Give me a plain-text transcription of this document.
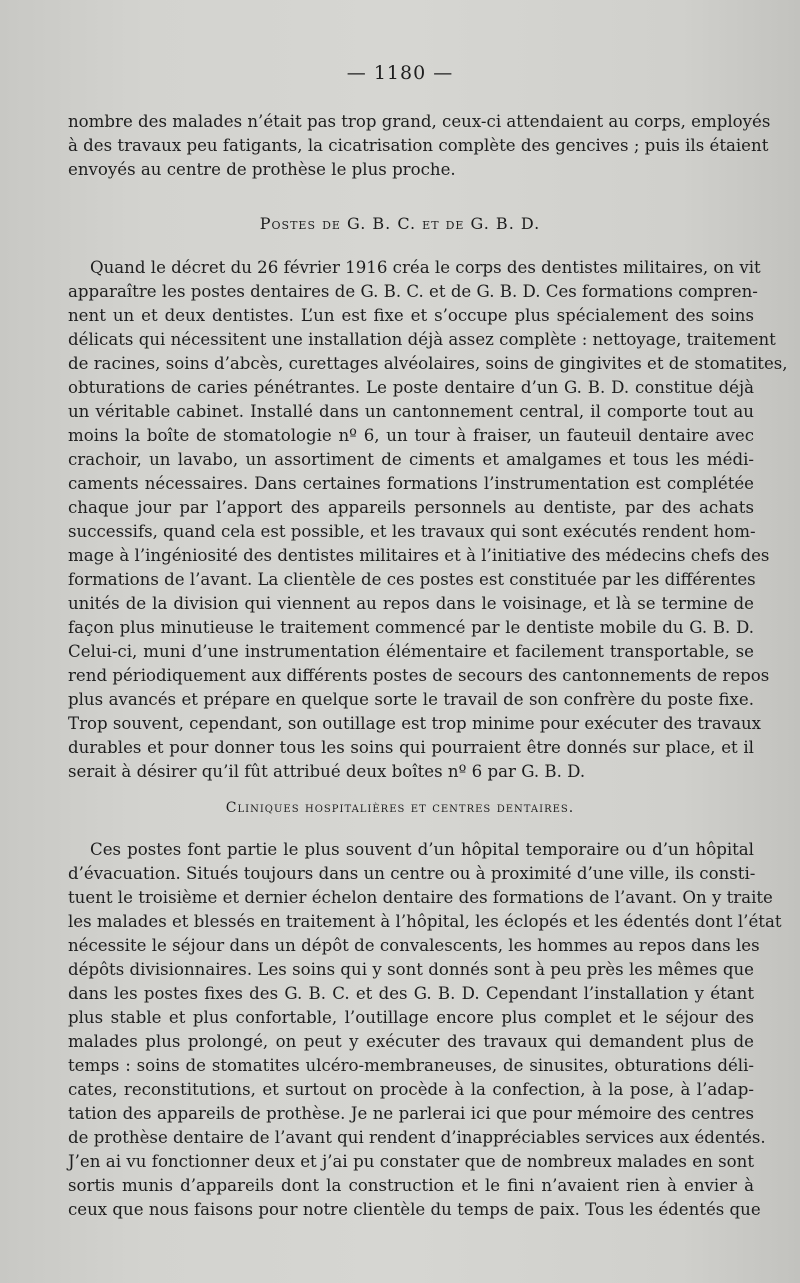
— 1180 —
nombre des malades n’était pas trop grand, ceux-ci attendaient au corps, employés
à des travaux peu fatigants, la cicatrisation complète des gencives ; puis ils étaient
envoyés au centre de prothèse le plus proche.
Postes de G. B. C. et de G. B. D.
Quand le décret du 26 février 1916 créa le corps des dentistes militaires, on vit
apparaître les postes dentaires de G. B. C. et de G. B. D. Ces formations compren-
nent un et deux dentistes. L’un est fixe et s’occupe plus spécialement des soins
délicats qui nécessitent une installation déjà assez complète : nettoyage, traitement
de racines, soins d’abcès, curettages alvéolaires, soins de gingivites et de stomatites,
obturations de caries pénétrantes. Le poste dentaire d’un G. B. D. constitue déjà
un véritable cabinet. Installé dans un cantonnement central, il comporte tout au
moins la boîte de stomatologie nº 6, un tour à fraiser, un fauteuil dentaire avec
crachoir, un lavabo, un assortiment de ciments et amalgames et tous les médi-
caments nécessaires. Dans certaines formations l’instrumentation est complétée
chaque jour par l’apport des appareils personnels au dentiste, par des achats
successifs, quand cela est possible, et les travaux qui sont exécutés rendent hom-
mage à l’ingéniosité des dentistes militaires et à l’initiative des médecins chefs des
formations de l’avant. La clientèle de ces postes est constituée par les différentes
unités de la division qui viennent au repos dans le voisinage, et là se termine de
façon plus minutieuse le traitement commencé par le dentiste mobile du G. B. D.
Celui-ci, muni d’une instrumentation élémentaire et facilement transportable, se
rend périodiquement aux différents postes de secours des cantonnements de repos
plus avancés et prépare en quelque sorte le travail de son confrère du poste fixe.
Trop souvent, cependant, son outillage est trop minime pour exécuter des travaux
durables et pour donner tous les soins qui pourraient être donnés sur place, et il
serait à désirer qu’il fût attribué deux boîtes nº 6 par G. B. D.
Cliniques hospitalières et centres dentaires.
Ces postes font partie le plus souvent d’un hôpital temporaire ou d’un hôpital
d’évacuation. Situés toujours dans un centre ou à proximité d’une ville, ils consti-
tuent le troisième et dernier échelon dentaire des formations de l’avant. On y traite
les malades et blessés en traitement à l’hôpital, les éclopés et les édentés dont l’état
nécessite le séjour dans un dépôt de convalescents, les hommes au repos dans les
dépôts divisionnaires. Les soins qui y sont donnés sont à peu près les mêmes que
dans les postes fixes des G. B. C. et des G. B. D. Cependant l’installation y étant
plus stable et plus confortable, l’outillage encore plus complet et le séjour des
malades plus prolongé, on peut y exécuter des travaux qui demandent plus de
temps : soins de stomatites ulcéro-membraneuses, de sinusites, obturations déli-
cates, reconstitutions, et surtout on procède à la confection, à la pose, à l’adap-
tation des appareils de prothèse. Je ne parlerai ici que pour mémoire des centres
de prothèse dentaire de l’avant qui rendent d’inappréciables services aux édentés.
J’en ai vu fonctionner deux et j’ai pu constater que de nombreux malades en sont
sortis munis d’appareils dont la construction et le fini n’avaient rien à envier à
ceux que nous faisons pour notre clientèle du temps de paix. Tous les édentés que
